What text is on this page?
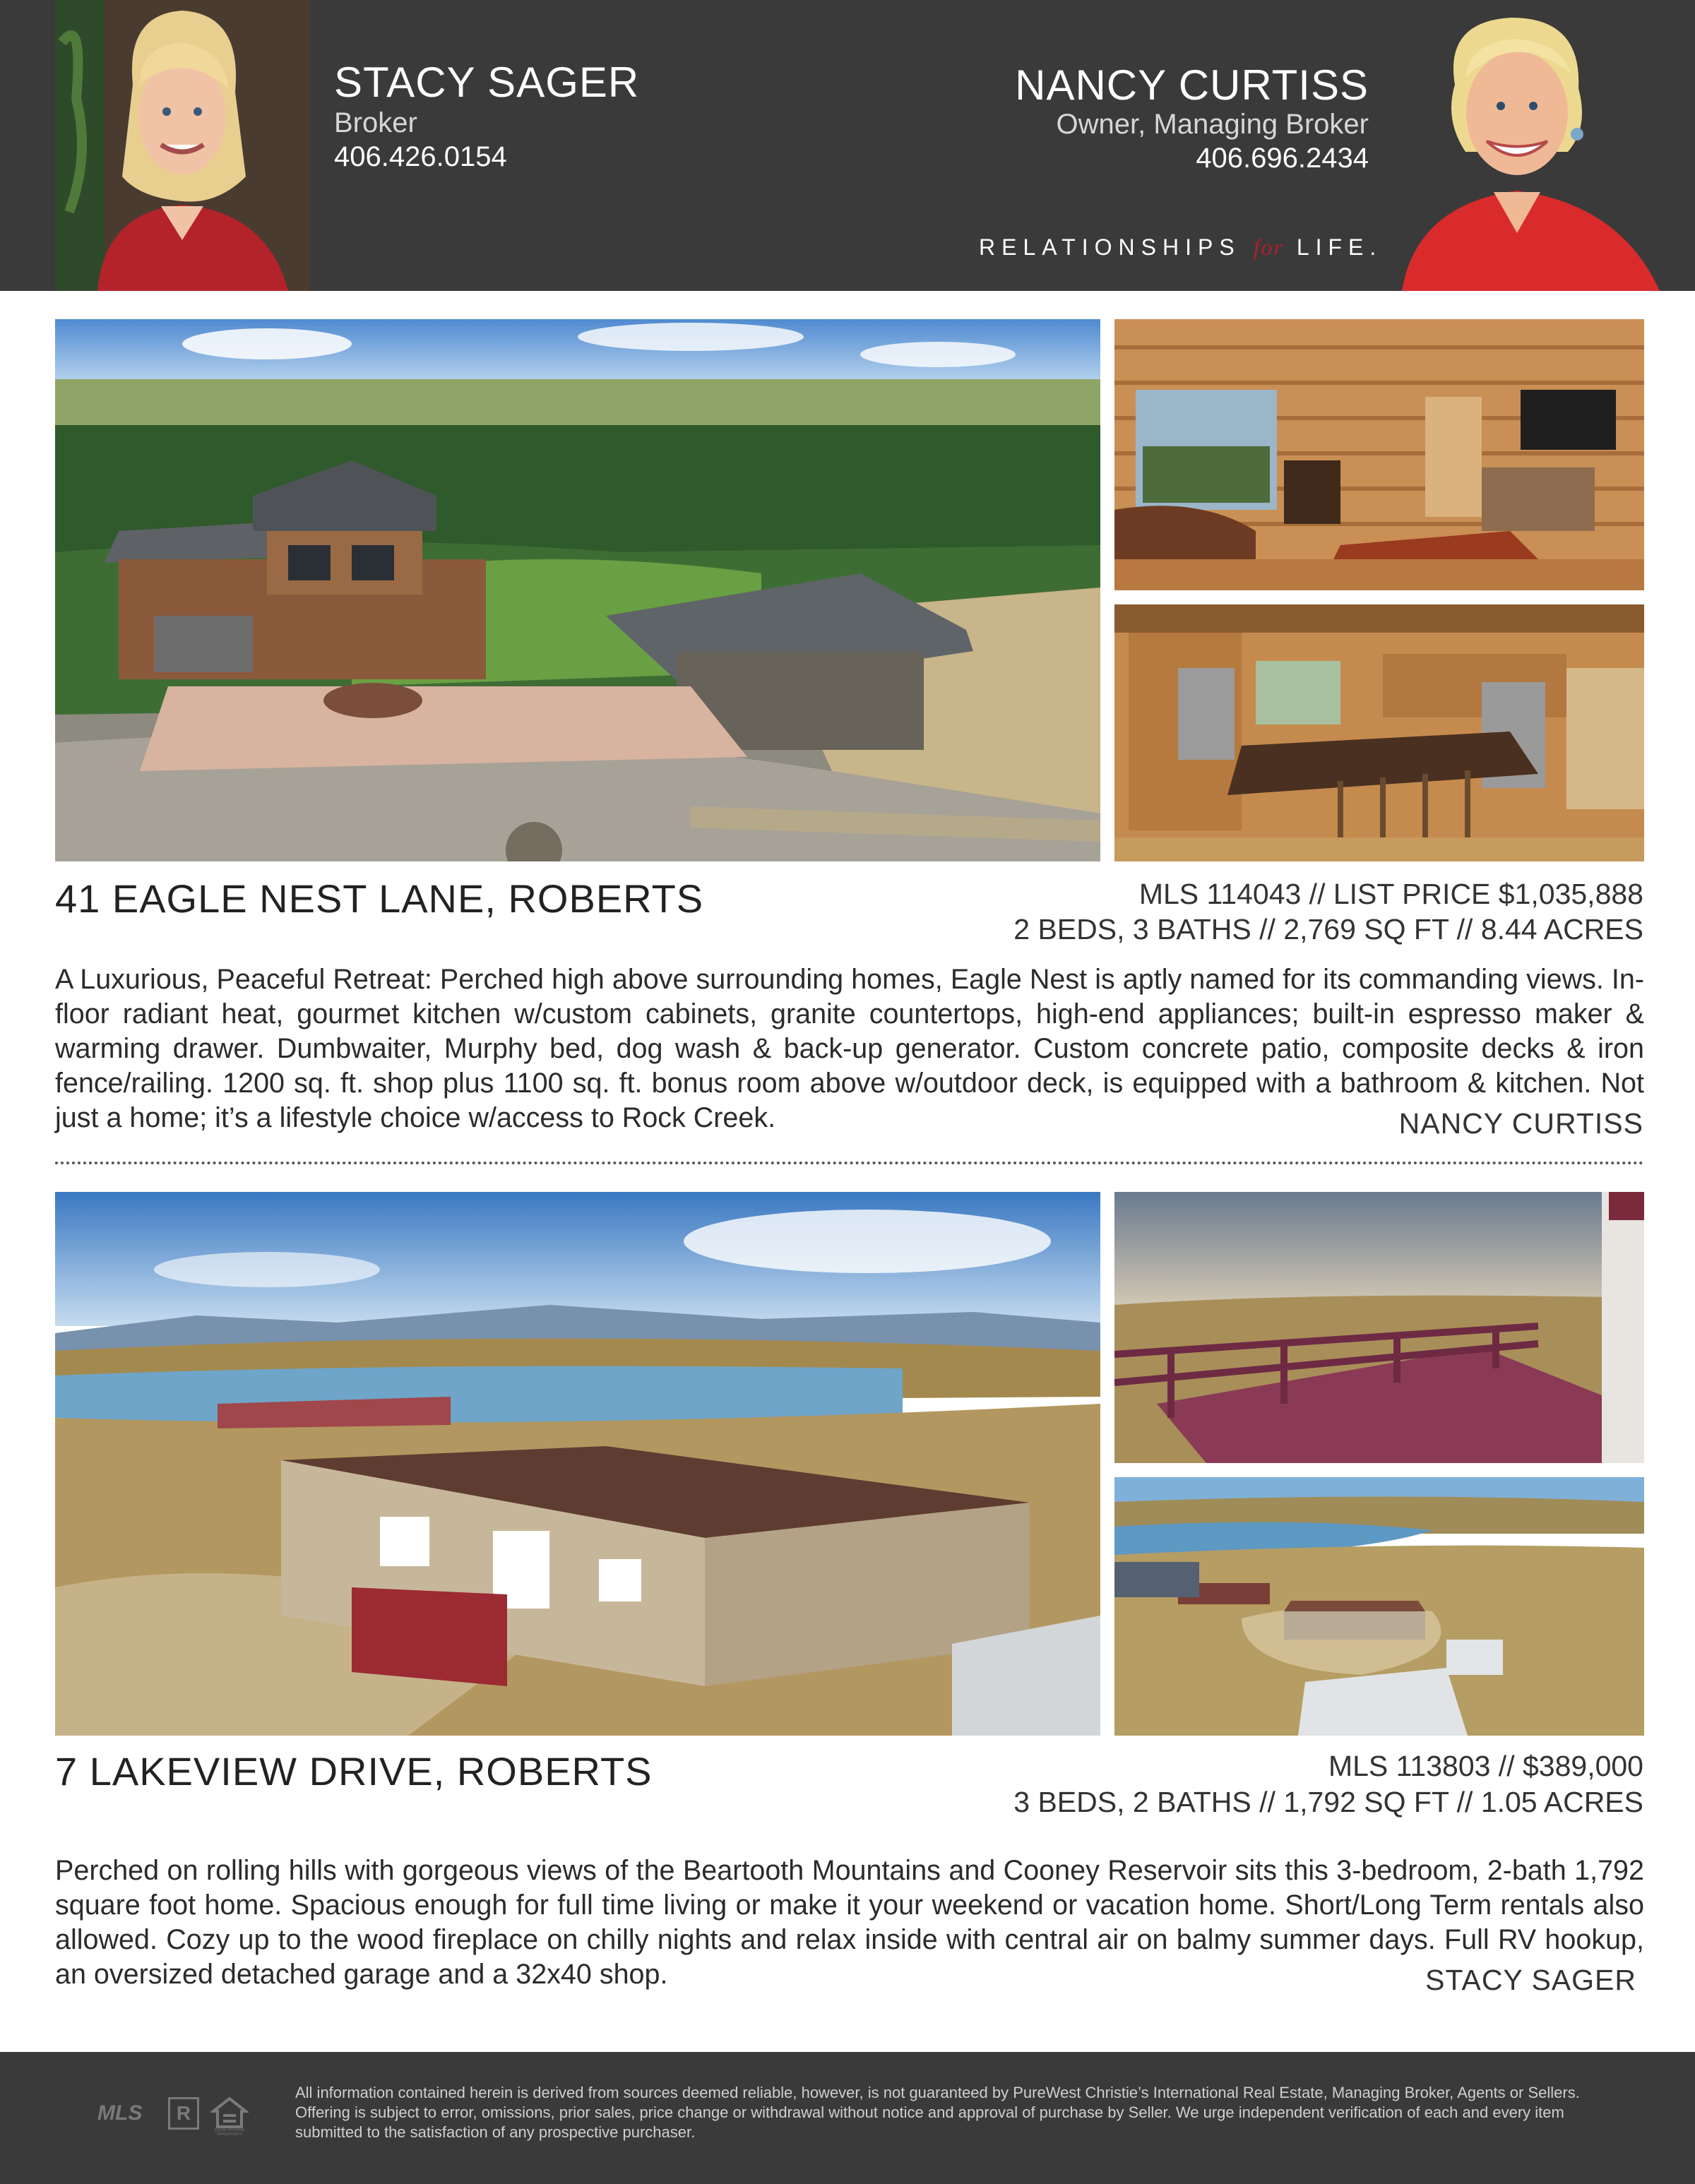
STACY SAGER
Broker
406.426.0154
NANCY CURTISS
Owner, Managing Broker
406.696.2434
RELATIONSHIPS for LIFE.
41 EAGLE NEST LANE, ROBERTS	MLS 114043 // LIST PRICE $1,035,888
2 BEDS, 3 BATHS // 2,769 SQ FT // 8.44 ACRES
A Luxurious, Peaceful Retreat: Perched high above surrounding homes, Eagle Nest is aptly named for its commanding views. In-floor radiant heat, gourmet kitchen w/custom cabinets, granite countertops, high-end appliances; built-in espresso maker & warming drawer. Dumbwaiter, Murphy bed, dog wash & back-up generator. Custom concrete patio, composite decks & iron fence/railing. 1200 sq. ft. shop plus 1100 sq. ft. bonus room above w/outdoor deck, is equipped with a bathroom & kitchen. Not just a home; it’s a lifestyle choice w/access to Rock Creek.	NANCY CURTISS
7 LAKEVIEW DRIVE, ROBERTS	MLS 113803 // $389,000
3 BEDS, 2 BATHS // 1,792 SQ FT // 1.05 ACRES
Perched on rolling hills with gorgeous views of the Beartooth Mountains and Cooney Reservoir sits this 3-bedroom, 2-bath 1,792 square foot home. Spacious enough for full time living or make it your weekend or vacation home. Short/Long Term rentals also allowed. Cozy up to the wood fireplace on chilly nights and relax inside with central air on balmy summer days. Full RV hookup, an oversized detached garage and a 32x40 shop.	STACY SAGER
MLS	R
EQUAL HOUSING OPPORTUNITY
All information contained herein is derived from sources deemed reliable, however, is not guaranteed by PureWest Christie’s International Real Estate, Managing Broker, Agents or Sellers. Offering is subject to error, omissions, prior sales, price change or withdrawal without notice and approval of purchase by Seller. We urge independent verification of each and every item submitted to the satisfaction of any prospective purchaser.
